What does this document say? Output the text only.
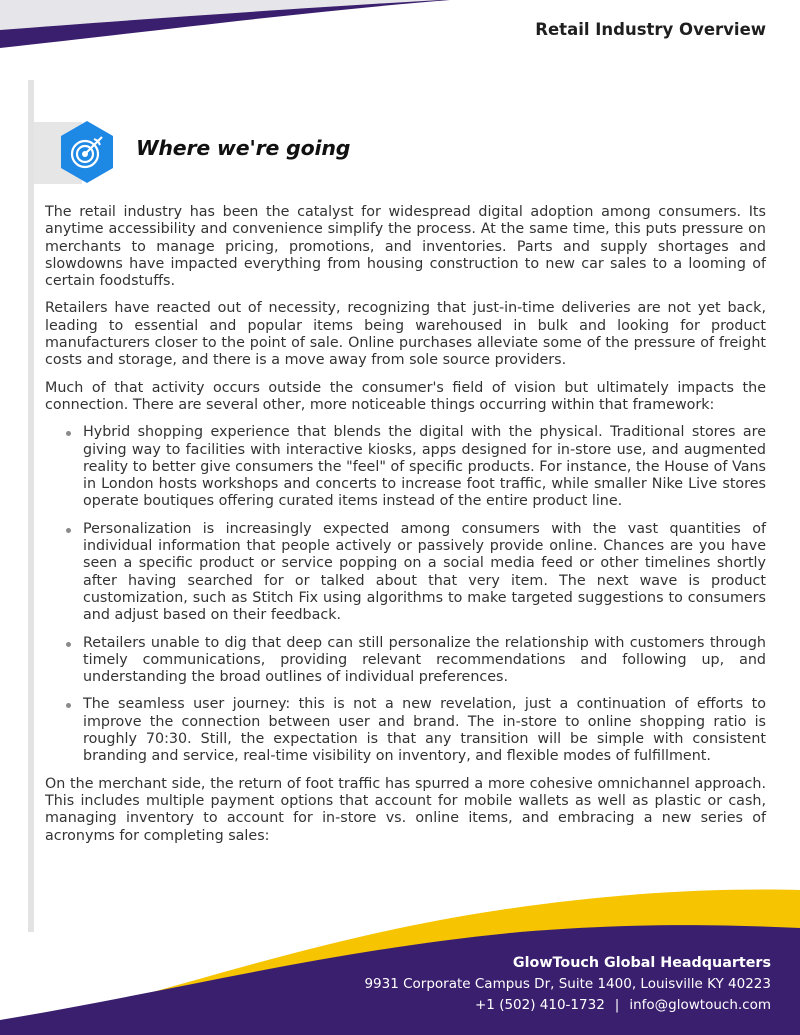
Retail Industry Overview
Where we're going

The retail industry has been the catalyst for widespread digital adoption among consumers. Its anytime accessibility and convenience simplify the process. At the same time, this puts pressure on merchants to manage pricing, promotions, and inventories. Parts and supply shortages and slowdowns have impacted everything from housing construction to new car sales to a looming of certain foodstuffs.

Retailers have reacted out of necessity, recognizing that just-in-time deliveries are not yet back, leading to essential and popular items being warehoused in bulk and looking for product manufacturers closer to the point of sale. Online purchases alleviate some of the pressure of freight costs and storage, and there is a move away from sole source providers.

Much of that activity occurs outside the consumer's field of vision but ultimately impacts the connection. There are several other, more noticeable things occurring within that framework:

Hybrid shopping experience that blends the digital with the physical. Traditional stores are giving way to facilities with interactive kiosks, apps designed for in-store use, and augmented reality to better give consumers the "feel" of specific products. For instance, the House of Vans in London hosts workshops and concerts to increase foot traffic, while smaller Nike Live stores operate boutiques offering curated items instead of the entire product line.
Personalization is increasingly expected among consumers with the vast quantities of individual information that people actively or passively provide online. Chances are you have seen a specific product or service popping on a social media feed or other timelines shortly after having searched for or talked about that very item. The next wave is product customization, such as Stitch Fix using algorithms to make targeted suggestions to consumers and adjust based on their feedback.
Retailers unable to dig that deep can still personalize the relationship with customers through timely communications, providing relevant recommendations and following up, and understanding the broad outlines of individual preferences.
The seamless user journey: this is not a new revelation, just a continuation of efforts to improve the connection between user and brand. The in-store to online shopping ratio is roughly 70:30. Still, the expectation is that any transition will be simple with consistent branding and service, real-time visibility on inventory, and flexible modes of fulfillment.

On the merchant side, the return of foot traffic has spurred a more cohesive omnichannel approach. This includes multiple payment options that account for mobile wallets as well as plastic or cash, managing inventory to account for in-store vs. online items, and embracing a new series of acronyms for completing sales:

GlowTouch Global Headquarters
9931 Corporate Campus Dr, Suite 1400, Louisville KY 40223
+1 (502) 410-1732 | info@glowtouch.com
